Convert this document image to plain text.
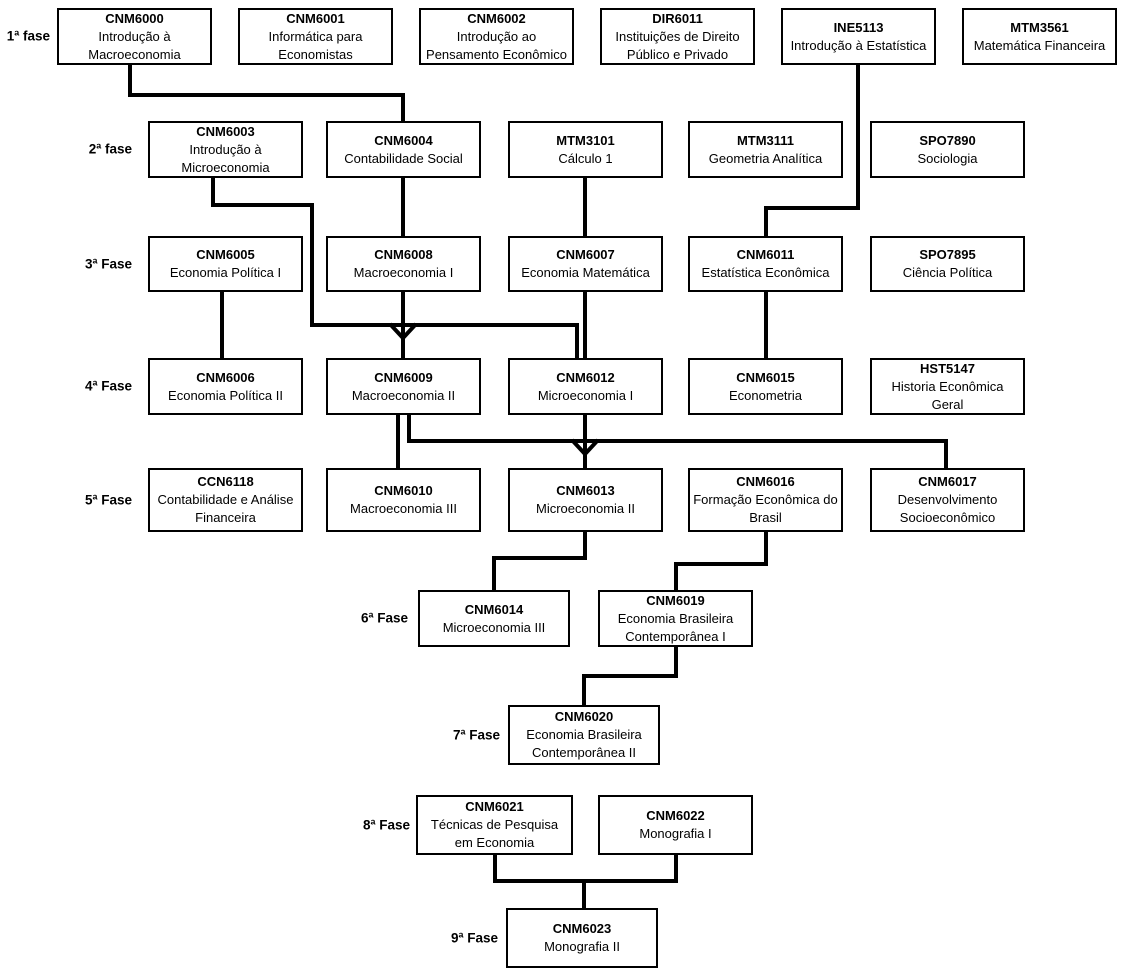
1ª fase
CNM6000
Introdução à Macroeconomia
CNM6001
Informática para Economistas
CNM6002
Introdução ao Pensamento Econômico
DIR6011
Instituições de Direito Público e Privado
INE5113
Introdução à Estatística
MTM3561
Matemática Financeira
2ª fase
CNM6003
Introdução à Microeconomia
CNM6004
Contabilidade Social
MTM3101
Cálculo 1
MTM3111
Geometria Analítica
SPO7890
Sociologia
3ª Fase
CNM6005
Economia Política I
CNM6008
Macroeconomia I
CNM6007
Economia Matemática
CNM6011
Estatística Econômica
SPO7895
Ciência Política
4ª Fase
CNM6006
Economia Política II
CNM6009
Macroeconomia II
CNM6012
Microeconomia I
CNM6015
Econometria
HST5147
Historia Econômica Geral
5ª Fase
CCN6118
Contabilidade e Análise Financeira
CNM6010
Macroeconomia III
CNM6013
Microeconomia II
CNM6016
Formação Econômica do Brasil
CNM6017
Desenvolvimento Socioeconômico
6ª Fase
CNM6014
Microeconomia III
CNM6019
Economia Brasileira Contemporânea I
7ª Fase
CNM6020
Economia Brasileira Contemporânea II
8ª Fase
CNM6021
Técnicas de Pesquisa em Economia
CNM6022
Monografia I
9ª Fase
CNM6023
Monografia II
